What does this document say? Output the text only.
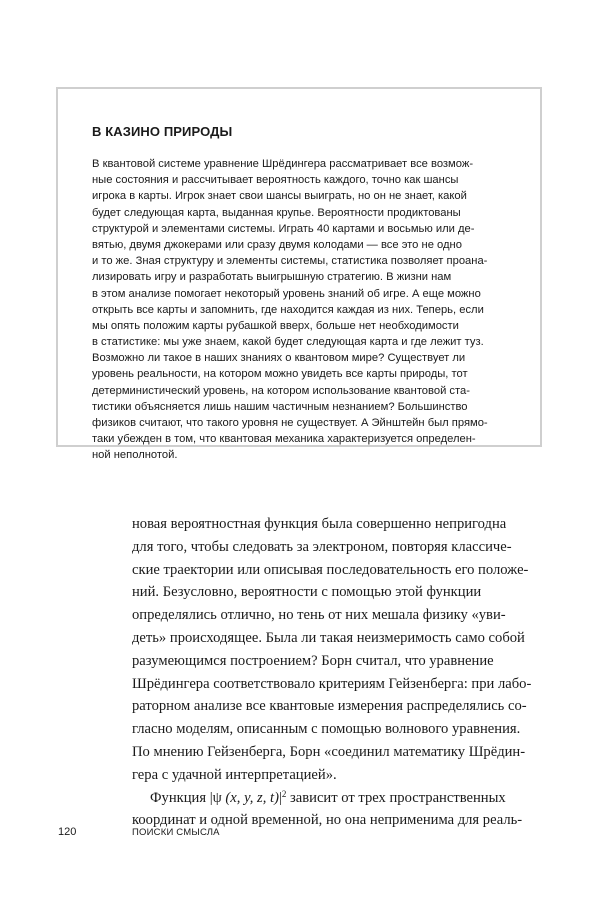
В КАЗИНО ПРИРОДЫ
В квантовой системе уравнение Шрёдингера рассматривает все возмож-
ные состояния и рассчитывает вероятность каждого, точно как шансы
игрока в карты. Игрок знает свои шансы выиграть, но он не знает, какой
будет следующая карта, выданная крупье. Вероятности продиктованы
структурой и элементами системы. Играть 40 картами и восьмью или де-
вятью, двумя джокерами или сразу двумя колодами — все это не одно
и то же. Зная структуру и элементы системы, статистика позволяет проана-
лизировать игру и разработать выигрышную стратегию. В жизни нам
в этом анализе помогает некоторый уровень знаний об игре. А еще можно
открыть все карты и запомнить, где находится каждая из них. Теперь, если
мы опять положим карты рубашкой вверх, больше нет необходимости
в статистике: мы уже знаем, какой будет следующая карта и где лежит туз.
Возможно ли такое в наших знаниях о квантовом мире? Существует ли
уровень реальности, на котором можно увидеть все карты природы, тот
детерминистический уровень, на котором использование квантовой ста-
тистики объясняется лишь нашим частичным незнанием? Большинство
физиков считают, что такого уровня не существует. А Эйнштейн был прямо-
таки убежден в том, что квантовая механика характеризуется определен-
ной неполнотой.
новая вероятностная функция была совершенно непригодна
для того, чтобы следовать за электроном, повторяя классиче-
ские траектории или описывая последовательность его положе-
ний. Безусловно, вероятности с помощью этой функции
определялись отлично, но тень от них мешала физику «уви-
деть» происходящее. Была ли такая неизмеримость само собой
разумеющимся построением? Борн считал, что уравнение
Шрёдингера соответствовало критериям Гейзенберга: при лабо-
раторном анализе все квантовые измерения распределялись со-
гласно моделям, описанным с помощью волнового уравнения.
По мнению Гейзенберга, Борн «соединил математику Шрёдин-
гера с удачной интерпретацией».
Функция |ψ (x, y, z, $t)|^2$ зависит от трех пространственных
координат и одной временной, но она неприменима для реаль-
120	ПОИСКИ СМЫСЛА
